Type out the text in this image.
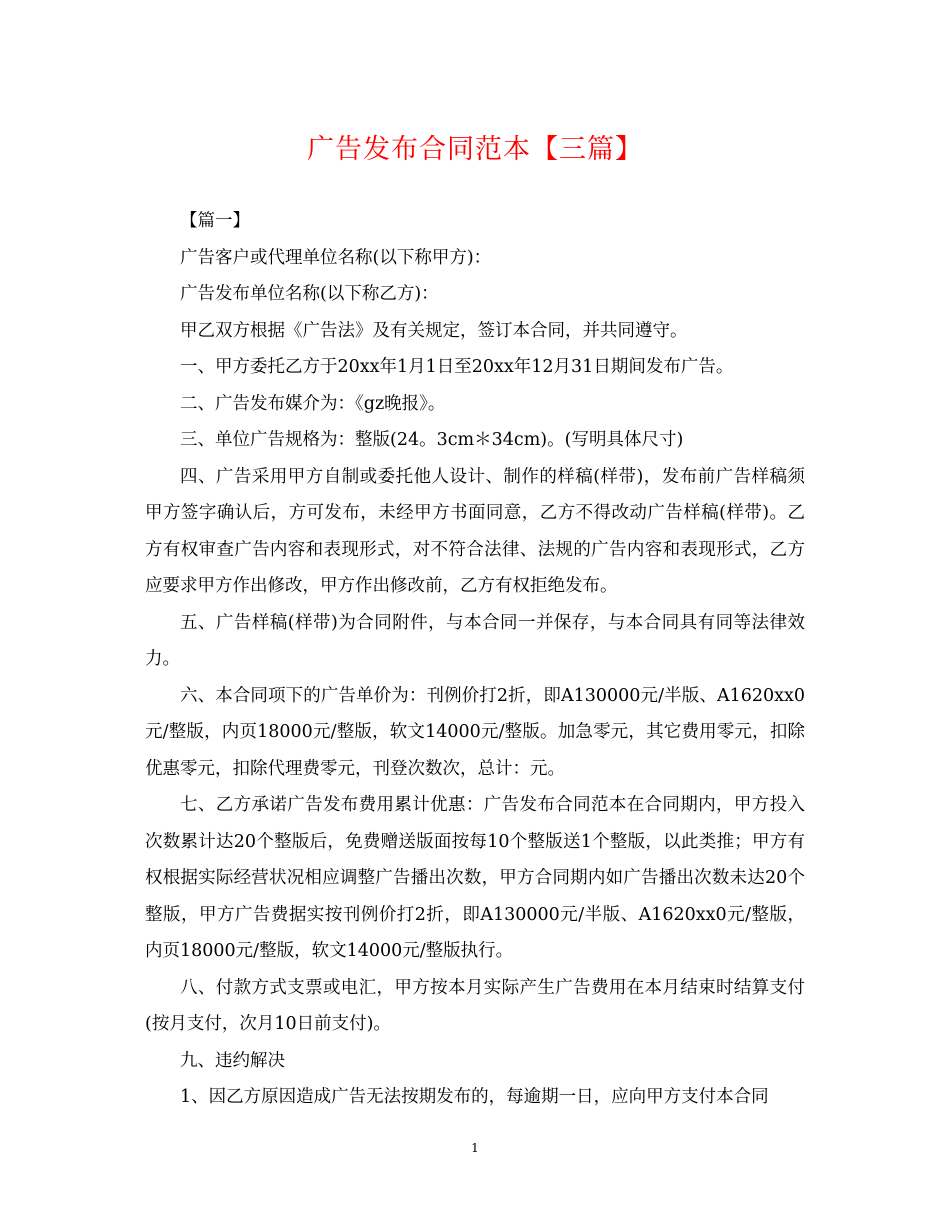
广告发布合同范本【三篇】

【篇一】

广告客户或代理单位名称(以下称甲方)：

广告发布单位名称(以下称乙方)：

甲乙双方根据《广告法》及有关规定，签订本合同，并共同遵守。

一、甲方委托乙方于20xx年1月1日至20xx年12月31日期间发布广告。

二、广告发布媒介为：《gz晚报》。

三、单位广告规格为：整版(24。3cm＊34cm)。(写明具体尺寸)

四、广告采用甲方自制或委托他人设计、制作的样稿(样带)，发布前广告样稿须甲方签字确认后，方可发布，未经甲方书面同意，乙方不得改动广告样稿(样带)。乙方有权审查广告内容和表现形式，对不符合法律、法规的广告内容和表现形式，乙方应要求甲方作出修改，甲方作出修改前，乙方有权拒绝发布。

五、广告样稿(样带)为合同附件，与本合同一并保存，与本合同具有同等法律效力。

六、本合同项下的广告单价为：刊例价打2折，即A130000元/半版、A1620xx0元/整版，内页18000元/整版，软文14000元/整版。加急零元，其它费用零元，扣除优惠零元，扣除代理费零元，刊登次数次，总计：元。

七、乙方承诺广告发布费用累计优惠：广告发布合同范本在合同期内，甲方投入次数累计达20个整版后，免费赠送版面按每10个整版送1个整版，以此类推；甲方有权根据实际经营状况相应调整广告播出次数，甲方合同期内如广告播出次数未达20个整版，甲方广告费据实按刊例价打2折，即A130000元/半版、A1620xx0元/整版，内页18000元/整版，软文14000元/整版执行。

八、付款方式支票或电汇，甲方按本月实际产生广告费用在本月结束时结算支付(按月支付，次月10日前支付)。

九、违约解决

1、因乙方原因造成广告无法按期发布的，每逾期一日，应向甲方支付本合同

1
